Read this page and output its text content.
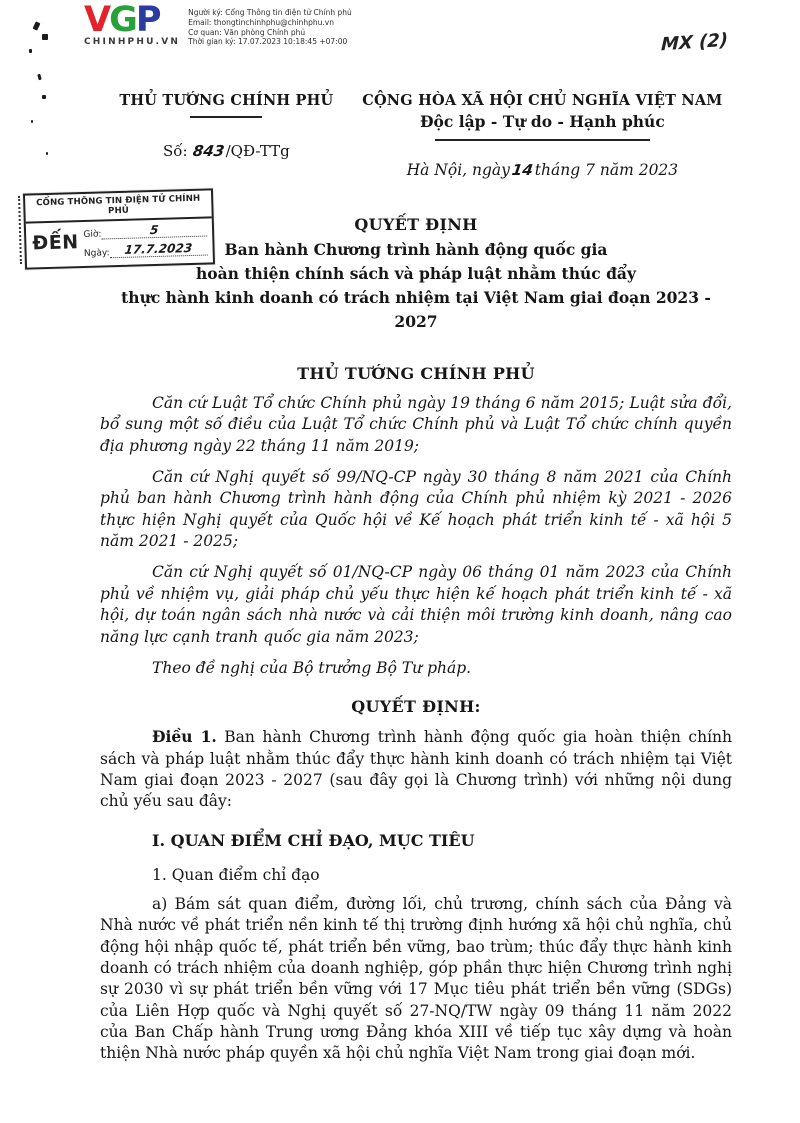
VGP
CHINHPHU.VN
Người ký: Cổng Thông tin điện tử Chính phủ
Email: thongtinchinhphu@chinhphu.vn
Cơ quan: Văn phòng Chính phủ
Thời gian ký: 17.07.2023 10:18:45 +07:00	MX (2)
CỔNG THÔNG TIN ĐIỆN TỬ CHÍNH PHỦ
ĐẾN Giờ:	5
Ngày:	17.7.2023
THỦ TƯỚNG CHÍNH PHỦ
Số: 843/QĐ-TTg
CỘNG HÒA XÃ HỘI CHỦ NGHĨA VIỆT NAM
Độc lập - Tự do - Hạnh phúc
Hà Nội, ngày14tháng 7 năm 2023
QUYẾT ĐỊNH
Ban hành Chương trình hành động quốc gia
hoàn thiện chính sách và pháp luật nhằm thúc đẩy
thực hành kinh doanh có trách nhiệm tại Việt Nam giai đoạn 2023 - 2027
THỦ TƯỚNG CHÍNH PHỦ

Căn cứ Luật Tổ chức Chính phủ ngày 19 tháng 6 năm 2015; Luật sửa đổi, bổ sung một số điều của Luật Tổ chức Chính phủ và Luật Tổ chức chính quyền địa phương ngày 22 tháng 11 năm 2019;

Căn cứ Nghị quyết số 99/NQ-CP ngày 30 tháng 8 năm 2021 của Chính phủ ban hành Chương trình hành động của Chính phủ nhiệm kỳ 2021 - 2026 thực hiện Nghị quyết của Quốc hội về Kế hoạch phát triển kinh tế - xã hội 5 năm 2021 - 2025;

Căn cứ Nghị quyết số 01/NQ-CP ngày 06 tháng 01 năm 2023 của Chính phủ về nhiệm vụ, giải pháp chủ yếu thực hiện kế hoạch phát triển kinh tế - xã hội, dự toán ngân sách nhà nước và cải thiện môi trường kinh doanh, nâng cao năng lực cạnh tranh quốc gia năm 2023;

Theo đề nghị của Bộ trưởng Bộ Tư pháp.

QUYẾT ĐỊNH:

Điều 1. Ban hành Chương trình hành động quốc gia hoàn thiện chính sách và pháp luật nhằm thúc đẩy thực hành kinh doanh có trách nhiệm tại Việt Nam giai đoạn 2023 - 2027 (sau đây gọi là Chương trình) với những nội dung chủ yếu sau đây:

I. QUAN ĐIỂM CHỈ ĐẠO, MỤC TIÊU
1. Quan điểm chỉ đạo

a) Bám sát quan điểm, đường lối, chủ trương, chính sách của Đảng và Nhà nước về phát triển nền kinh tế thị trường định hướng xã hội chủ nghĩa, chủ động hội nhập quốc tế, phát triển bền vững, bao trùm; thúc đẩy thực hành kinh doanh có trách nhiệm của doanh nghiệp, góp phần thực hiện Chương trình nghị sự 2030 vì sự phát triển bền vững với 17 Mục tiêu phát triển bền vững (SDGs) của Liên Hợp quốc và Nghị quyết số 27-NQ/TW ngày 09 tháng 11 năm 2022 của Ban Chấp hành Trung ương Đảng khóa XIII về tiếp tục xây dựng và hoàn thiện Nhà nước pháp quyền xã hội chủ nghĩa Việt Nam trong giai đoạn mới.
